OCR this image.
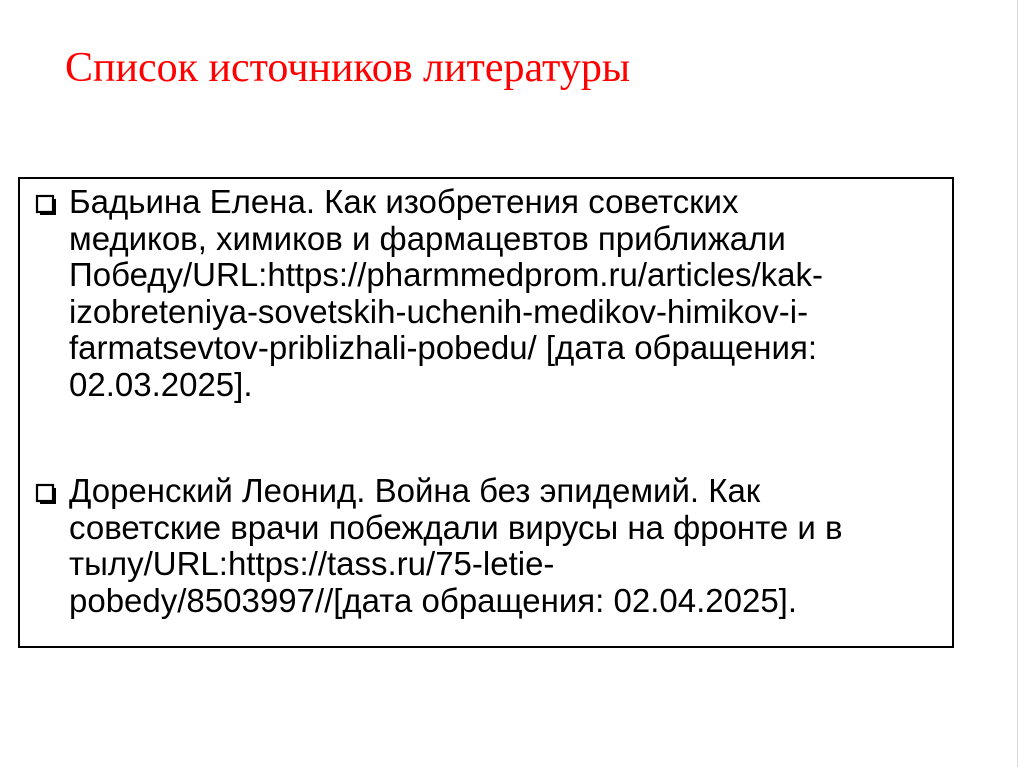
Список источников литературы
Бадьина Елена. Как изобретения советских
медиков, химиков и фармацевтов приближали
Победу/URL:https://pharmmedprom.ru/articles/kak-
izobreteniya-sovetskih-uchenih-medikov-himikov-i-
farmatsevtov-priblizhali-pobedu/ [дата обращения:
02.03.2025].
Доренский Леонид. Война без эпидемий. Как
советские врачи побеждали вирусы на фронте и в
тылу/URL:https://tass.ru/75-letie-
pobedy/8503997//[дата обращения: 02.04.2025].
